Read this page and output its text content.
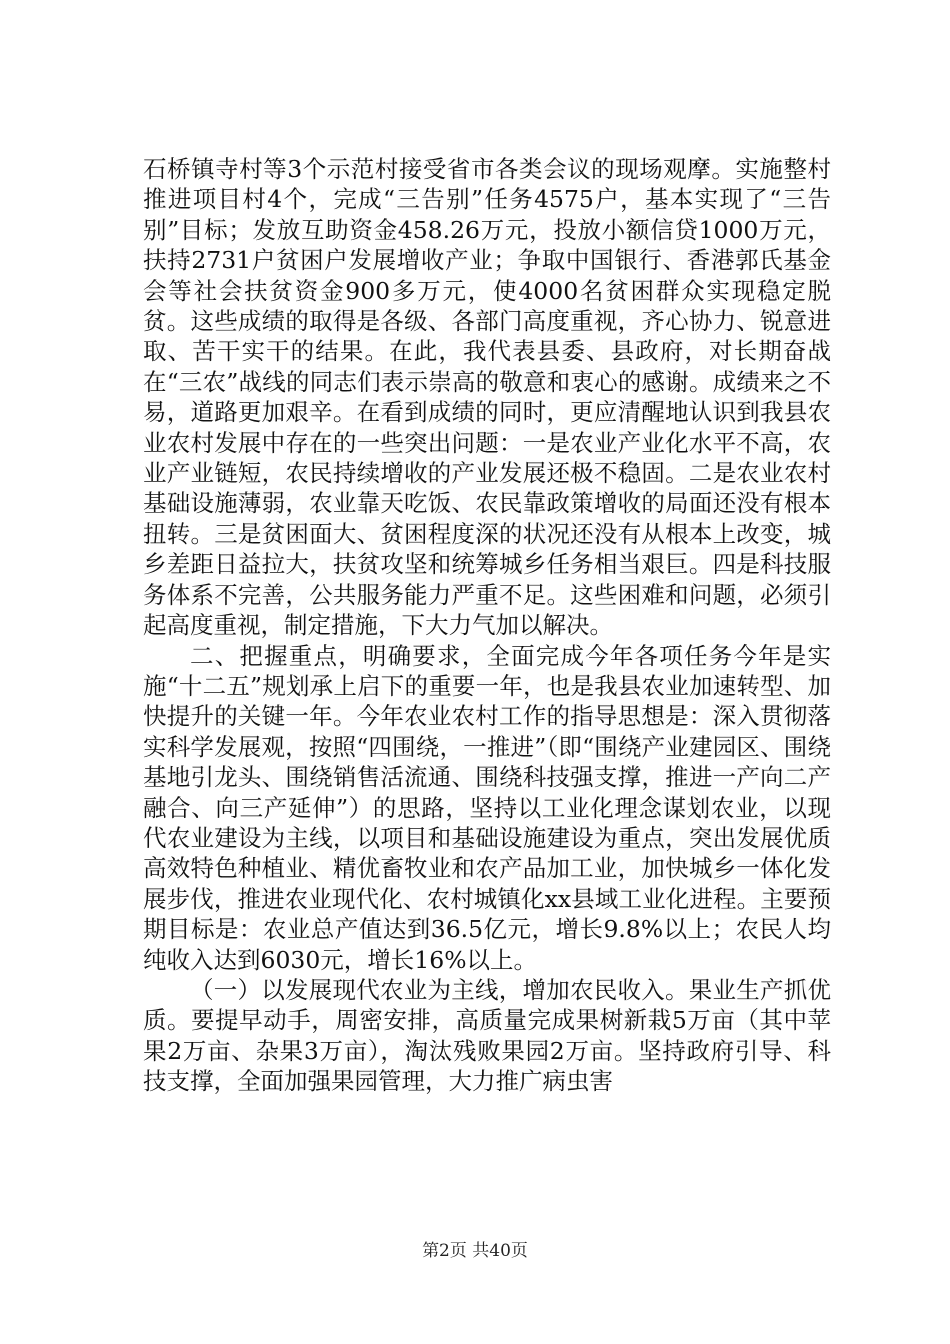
石桥镇寺村等3个示范村接受省市各类会议的现场观摩。实施整村推进项目村4个，完成“三告别”任务4575户，基本实现了“三告别”目标；发放互助资金458.26万元，投放小额信贷1000万元，扶持2731户贫困户发展增收产业；争取中国银行、香港郭氏基金会等社会扶贫资金900多万元，使4000名贫困群众实现稳定脱贫。这些成绩的取得是各级、各部门高度重视，齐心协力、锐意进取、苦干实干的结果。在此，我代表县委、县政府，对长期奋战在“三农”战线的同志们表示崇高的敬意和衷心的感谢。成绩来之不易，道路更加艰辛。在看到成绩的同时，更应清醒地认识到我县农业农村发展中存在的一些突出问题：一是农业产业化水平不高，农业产业链短，农民持续增收的产业发展还极不稳固。二是农业农村基础设施薄弱，农业靠天吃饭、农民靠政策增收的局面还没有根本扭转。三是贫困面大、贫困程度深的状况还没有从根本上改变，城乡差距日益拉大，扶贫攻坚和统筹城乡任务相当艰巨。四是科技服务体系不完善，公共服务能力严重不足。这些困难和问题，必须引起高度重视，制定措施，下大力气加以解决。

二、把握重点，明确要求，全面完成今年各项任务今年是实施“十二五”规划承上启下的重要一年，也是我县农业加速转型、加快提升的关键一年。今年农业农村工作的指导思想是：深入贯彻落实科学发展观，按照“四围绕，一推进”（即“围绕产业建园区、围绕基地引龙头、围绕销售活流通、围绕科技强支撑，推进一产向二产融合、向三产延伸”）的思路，坚持以工业化理念谋划农业，以现代农业建设为主线，以项目和基础设施建设为重点，突出发展优质高效特色种植业、精优畜牧业和农产品加工业，加快城乡一体化发展步伐，推进农业现代化、农村城镇化xx县域工业化进程。主要预期目标是：农业总产值达到36.5亿元，增长9.8%以上；农民人均纯收入达到6030元，增长16%以上。

（一）以发展现代农业为主线，增加农民收入。果业生产抓优质。要提早动手，周密安排，高质量完成果树新栽5万亩（其中苹果2万亩、杂果3万亩），淘汰残败果园2万亩。坚持政府引导、科技支撑，全面加强果园管理，大力推广病虫害

第2页 共40页
